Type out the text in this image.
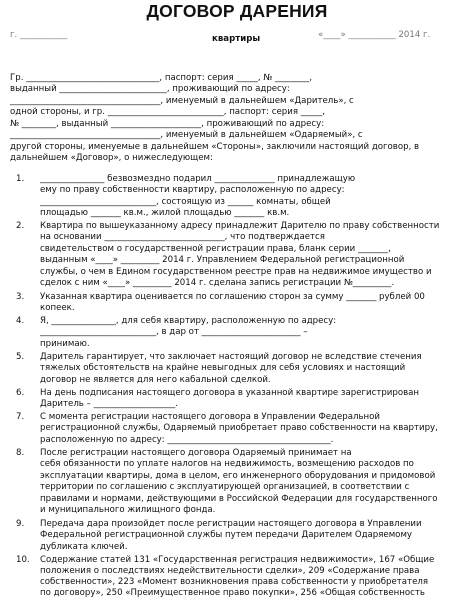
ДОГОВОР ДАРЕНИЯ
квартиры
г. ___________	«____» ___________ 2014 г.
Гр. _______________________________, паспорт: серия _____, № ________,
выданный _________________________, проживающий по адресу:
___________________________________, именуемый в дальнейшем «Даритель», с
одной стороны, и гр. ___________________________, паспорт: серия _____,
№ ________, выданный _____________________, проживающий по адресу:
___________________________________, именуемый в дальнейшем «Одаряемый», с
другой стороны, именуемые в дальнейшем «Стороны», заключили настоящий договор, в
дальнейшем «Договор», о нижеследующем:
1. _______________ безвозмездно подарил ______________ принадлежащую
ему по праву собственности квартиру, расположенную по адресу:
___________________________, состоящую из ______ комнаты, общей
площадью _______ кв.м., жилой площадью _______ кв.м.
2. Квартира по вышеуказанному адресу принадлежит Дарителю по праву собственности
на основании ____________________________, что подтверждается
свидетельством о государственной регистрации права, бланк серии _______,
выданным «____» _________ 2014 г. Управлением Федеральной регистрационной
службы, о чем в Едином государственном реестре прав на недвижимое имущество и
сделок с ним «____» _________ 2014 г. сделана запись регистрации №_________.
3. Указанная квартира оценивается по соглашению сторон за сумму _______ рублей 00
копеек.
4. Я, _______________, для себя квартиру, расположенную по адресу:
___________________________, в дар от _______________________ –
принимаю.
5. Даритель гарантирует, что заключает настоящий договор не вследствие стечения
тяжелых обстоятельств на крайне невыгодных для себя условиях и настоящий
договор не является для него кабальной сделкой.
6. На день подписания настоящего договора в указанной квартире зарегистрирован
Даритель – ___________________.
7. С момента регистрации настоящего договора в Управлении Федеральной
регистрационной службы, Одаряемый приобретает право собственности на квартиру,
расположенную по адресу: ______________________________________.
8. После регистрации настоящего договора Одаряемый принимает на
себя обязанности по уплате налогов на недвижимость, возмещению расходов по
эксплуатации квартиры, дома в целом, его инженерного оборудования и придомовой
территории по соглашению с эксплуатирующей организацией, в соответствии с
правилами и нормами, действующими в Российской Федерации для государственного
и муниципального жилищного фонда.
9. Передача дара произойдет после регистрации настоящего договора в Управлении
Федеральной регистрационной службы путем передачи Дарителем Одаряемому
дубликата ключей.
10. Содержание статей 131 «Государственная регистрация недвижимости», 167 «Общие
положения о последствиях недействительности сделки», 209 «Содержание права
собственности», 223 «Момент возникновения права собственности у приобретателя
по договору», 250 «Преимущественное право покупки», 256 «Общая собственность
